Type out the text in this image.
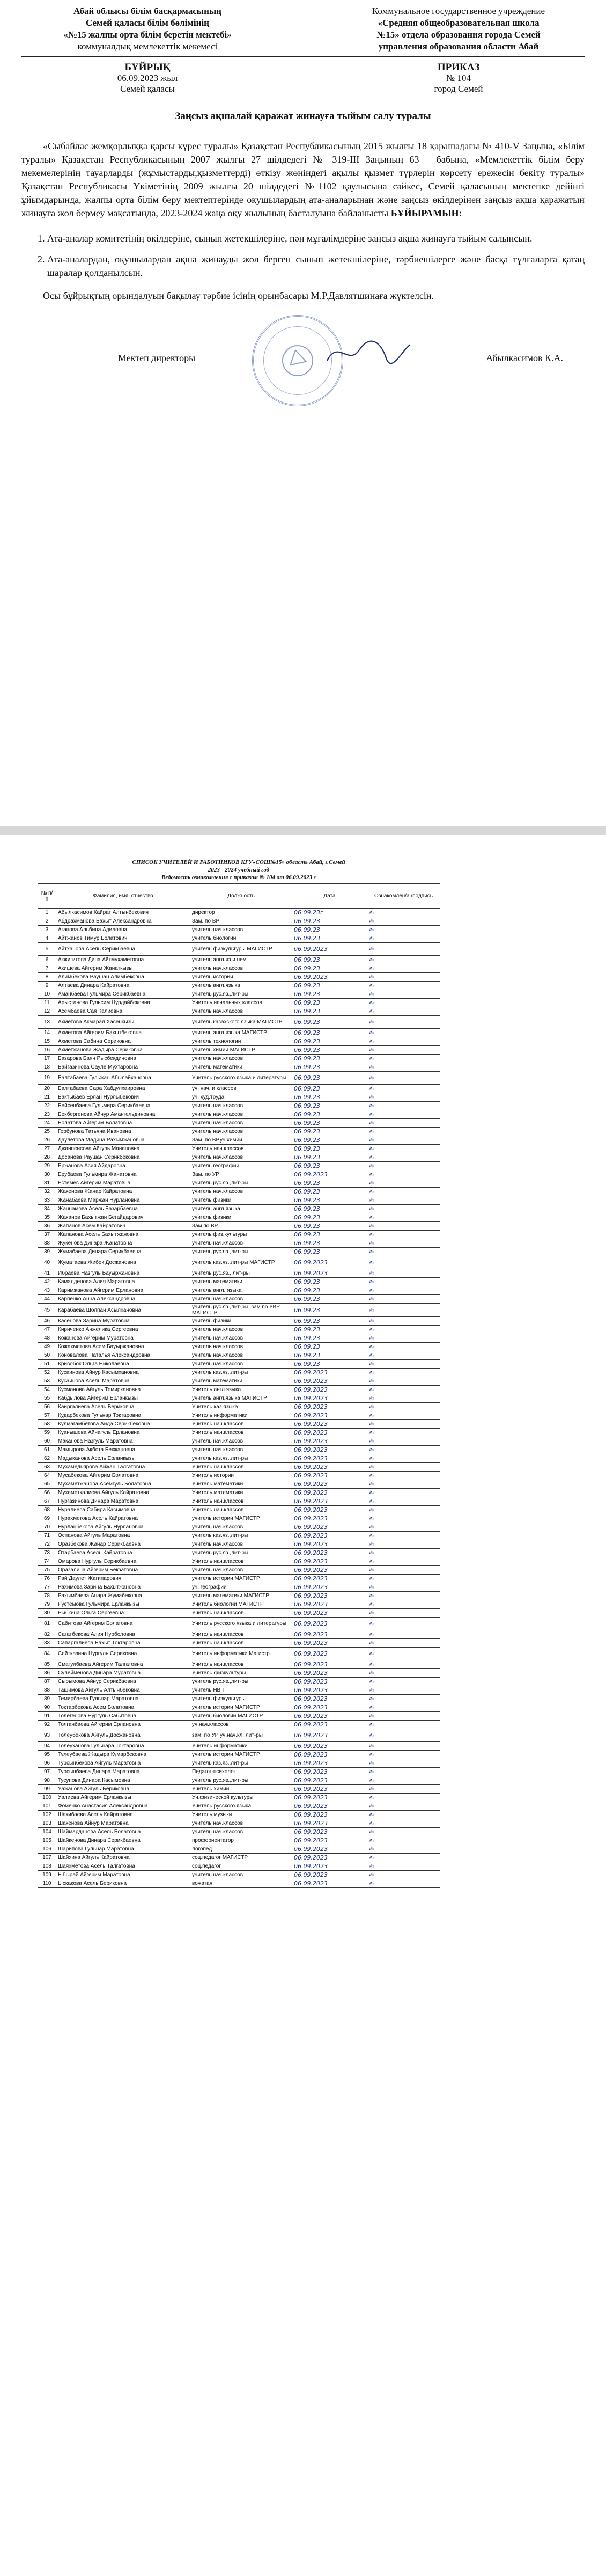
Абай облысы білім басқармасының
Семей қаласы білім бөлімінің
«№15 жалпы орта білім беретін мектебі»
коммуналдық мемлекеттік мекемесі
Коммунальное государственное учреждение
«Средняя общеобразовательная школа
№15» отдела образования города Семей
управления образования области Абай
БҰЙРЫҚ
06.09.2023 жыл
Семей қаласы
ПРИКАЗ
№ 104
город Семей
Заңсыз ақшалай қаражат жинауға тыйым салу туралы

«Сыбайлас жемқорлыққа қарсы күрес туралы» Қазақстан Республикасының 2015 жылғы 18 қарашадағы № 410-V Заңына, «Білім туралы» Қазақстан Республикасының 2007 жылғы 27 шілдедегі № 319-ІІІ Заңының 63 – бабына, «Мемлекеттік білім беру мекемелерінің тауарларды (жұмыстарды,қызметтерді) өткізу жөніндегі ақылы қызмет түрлерін көрсету ережесін бекіту туралы» Қазақстан Республикасы Үкіметінің 2009 жылғы 20 шілдедегі №1102 қаулысына сәйкес, Семей қаласының мектепке дейінгі ұйымдарында, жалпы орта білім беру мектептерінде оқушылардың ата-аналарынан және заңсыз өкілдерінен заңсыз ақша қаражатын жинауға жол бермеу мақсатында, 2023-2024 жаңа оқу жылының басталуына байланысты БҰЙЫРАМЫН:

1. Ата-аналар комитетінің өкілдеріне, сынып жетекшілеріне, пән мұғалімдеріне заңсыз ақша жинауға тыйым салынсын.
2. Ата-аналардан, оқушылардан ақша жинауды жол берген сынып жетекшілеріне, тәрбиешілерге және басқа тұлғаларға қатаң шаралар қолданылсын.

Осы бұйрықтың орындалуын бақылау тәрбие ісінің орынбасары М.Р.Давлятшинаға жүктелсін.

Мектеп директоры	Абылкасимов К.А.
СПИСОК УЧИТЕЛЕЙ И РАБОТНИКОВ КГУ«СОШ№15» область Абай, г.Семей
2023 - 2024 учебный год
Ведомость ознакомления с приказом № 104 от 06.09.2023 г
№ п/п	Фамилия, имя, отчество	Должность	Дата	Ознакомлен/а /подпись
1	Абылкасимов Кайрат Алтынбекович	директор	06.09.23г	✍
2	Абдрахманова Бахыт Александровна	Зам. по ВР	06.09.23	✍
3	Агапова Альбина Адиловна	учитель нач.классов	06.09.23	✍
4	Айтжанов Тимур Болатович	учитель биологии	06.09.23	✍
5	Айтханова Асель Серикбаевна	учитель физкультуры МАГИСТР	06.09.2023	✍
6	Акжигитова Дина Айтмухаметовна	учитель англ.яз и нем	06.09.23	✍
7	Акишева Айгерим Жанаткызы	учитель нач.классов	06.09.23	✍
8	Алимбекова Раушан Алимбековна	учитель истории	06.09.2023	✍
9	Алтаева Динара Кайратовна	учитель англ.языка	06.09.23	✍
10	Аманбаева Гульмира Серикбаевна	учитель рус.яз.,лит-ры	06.09.23	✍
11	Арыстанова Гульсим Нурдайбековна	Учитель начальных классов	06.09.23	✍
12	Асембаева Сая Калиевна	учитель нач.классов	06.09.23	✍
13	Ахметова Акмарал Хасенкызы	учитель казахского языка МАГИСТР	06.09.23	✍
14	Ахметова Айгерим Бахытбековна	учитель англ.языка МАГИСТР	06.09.23	✍
15	Ахметова Сабина Сериковна	учитель технологии	06.09.23	✍
16	Ахметжанова Жадыра Сериковна	учитель химии МАГИСТР	06.09.23	✍
17	Базарова Баян Рысбекдиновна	учитель нач.классов	06.09.23	✍
18	Байгазинова Сауле Мухтаровна	учитель математики	06.09.23	✍
19	Балтабаева Гульжан Абылайхановна	Учитель русского языка и литературы	06.09.23	✍
20	Балтабаева Сара Хабдулхаировна	уч. нач. и классов	06.09.23	✍
21	Бактыбаев Ерлан Нурлыбекович	уч. худ.труда	06.09.23	✍
22	Бейсенбаева Гульмира Серикбаевна	учитель нач.классов	06.09.23	✍
23	Бекбергенова Айнур Амангельдиновна	учитель нач.классов	06.09.23	✍
24	Болатова Айгерим Болатовна	учитель нач.классов	06.09.23	✍
25	Горбунова Татьяна Ивановна	учитель нач.классов	06.09.23	✍
26	Даулетова Мадина Рахымжановна	Зам. по ВР,уч.химии	06.09.23	✍
27	Джанпеисова Айгуль Манаповна	Учитель нач.классов	06.09.23	✍
28	Досанова Раушан Серикбековна	учитель нач.классов	06.09.23	✍
29	Ержанова Асия Айдаровна	учитель географии	06.09.23	✍
30	Ерубаева Гульмира Жанатовна	Зам. по УР	06.09.2023	✍
31	Естемес Айгерим Маратовна	учитель рус.яз.,лит-ры	06.09.23	✍
32	Жакенова Жанар Кайратовна	учитель нач.классов	06.09.23	✍
33	Жанабаева Маржан Нурлановна	учитель физики	06.09.23	✍
34	Жаннамова Асель Базарбаевна	учитель англ.языка	06.09.23	✍
35	Жаканов Бахытжан Бегайдарович	учитель физики	06.09.23	✍
36	Жапанов Асем Кайратович	Зам по ВР	06.09.23	✍
37	Жапанова Асель Бахытжановна	учитель физ.культуры	06.09.23	✍
38	Жукенова Динара Жанатовна	учитель нач.классов	06.09.23	✍
39	Жумабаева Динара Серикбаевна	учитель рус.яз.,лит-ры	06.09.23	✍
40	Жуматаева Жибек Досжановна	учитель каз.яз.,лит-ры МАГИСТР	06.09.2023	✍
41	Ибраева Назгуль Бауыржановна	учитель рус.яз., лит-ры	06.09.2023	✍
42	Камалденова Алия Маратовна	учитель математики	06.09.23	✍
43	Каримжанова Айгерим Ерлановна	учитель англ. языка	06.09.23	✍
44	Карпенко Анна Александровна	учитель нач.классов	06.09.23	✍
45	Карабаева Шолпан Асылхановна	учитель рус.яз.,лит-ры, зам по УВР МАГИСТР	06.09.23	✍
46	Касенова Зарина Муратовна	учитель физики	06.09.23	✍
47	Кириченко Анжелика Сергеевна	учитель нач.классов	06.09.23	✍
48	Кожанова Айгерим Муратовна	учитель нач.классов	06.09.23	✍
49	Кожахметова Асем Бауыржановна	учитель нач.классов	06.09.23	✍
50	Коновалова Наталья Александровна	учитель нач.классов	06.09.23	✍
51	Кривобок Ольга Николаевна	учитель нач.классов	06.09.23	✍
52	Кусаинова Айнур Касымхановна	учитель каз.яз.,лит-ры	06.09.2023	✍
53	Кусаинова Асель Маратовна	учитель математики	06.09.2023	✍
54	Кусманова Айгуль Темирхановна	Учитель англ.языка	06.09.2023	✍
55	Кабдылова Айгерим Ерланкызы	учитель англ.языка МАГИСТР	06.09.2023	✍
56	Каиргалиева Асель Бериковна	Учитель каз.языка	06.09.2023	✍
57	Кударбекова Гульнар Токтаровна	Учитель информатики	06.09.2023	✍
58	Кулмагамбетова Аида Серикбековна	Учитель нач.классов	06.09.2023	✍
59	Куанышева Айнагуль Ерлановна	Учитель нач.классов	06.09.2023	✍
60	Маканова Назгуль Маратовна	учитель нач.классов	06.09.2023	✍
61	Мамырова Акбота Бекжановна	учитель нач.классов	06.09.2023	✍
62	Мадыканова Асель Ерланкызы	учитель каз.яз.,лит-ры	06.09.2023	✍
63	Мухамедьярова Айжан Талгатовна	Учитель нач.классов	06.09.2023	✍
64	Мусабекова Айгерим Болатовна	Учитель истории	06.09.2023	✍
65	Мухаметжанова Асемгуль Болатовна	Учитель математики	06.09.2023	✍
66	Мухаметкалиева Айгуль Кайратовна	Учитель математики	06.09.2023	✍
67	Нургазинова Динара Маратовна	Учитель нач.классов	06.09.2023	✍
68	Нуралиева Сабира Касымовна	Учитель нач.классов	06.09.2023	✍
69	Нурахметова Асель Кайратовна	учитель истории МАГИСТР	06.09.2023	✍
70	Нурланбекова Айгуль Нурлановна	учитель нач.классов	06.09.2023	✍
71	Оспанова Айгуль Маратовна	учитель каз.яз.,лит-ры	06.09.2023	✍
72	Оразбекова Жанар Серикбаевна	учитель нач.классов	06.09.2023	✍
73	Отарбаева Асель Кайратовна	учитель рус.яз.,лит-ры	06.09.2023	✍
74	Омарова Нургуль Серикбаевна	Учитель нач.классов	06.09.2023	✍
75	Оразалина Айгерим Бекзатовна	учитель нач.классов	06.09.2023	✍
76	Рай Даулет Жагипарович	учитель истории МАГИСТР	06.09.2023	✍
77	Рахимова Зарина Бахытжановна	уч. географии	06.09.2023	✍
78	Рахымбаева Анара Жумабековна	учитель математики МАГИСТР	06.09.2023	✍
79	Рустемова Гульмира Ерланкызы	Учитель биологии МАГИСТР	06.09.2023	✍
80	Рыбкина Ольга Сергеевна	Учитель нач.классов	06.09.2023	✍
81	Сабитова Айгерим Болатовна	Учитель русского языка и литературы	06.09.2023	✍
82	Сагатбекова Алия Нурболовна	Учитель нач.классов	06.09.2023	✍
83	Сапаргалиева Бахыт Токтаровна	Учитель нач.классов	06.09.2023	✍
84	Сейтказина Нургуль Сериковна	Учитель информатики Магистр	06.09.2023	✍
85	Смагулбаева Айгерим Талгатовна	Учитель нач.классов	06.09.2023	✍
86	Сулейменова Динара Муратовна	Учитель физкультуры	06.09.2023	✍
87	Сырымова Айнур Серикбаевна	учитель рус.яз.,лит-ры	06.09.2023	✍
88	Ташимова Айгуль Алтынбековна	учитель НВП	06.09.2023	✍
89	Темирбаева Гульнар Маратовна	учитель физкультуры	06.09.2023	✍
90	Токтарбекова Асем Болатовна	учитель истории МАГИСТР	06.09.2023	✍
91	Толегенова Нургуль Сабитовна	учитель биологии МАГИСТР	06.09.2023	✍
92	Толганбаева Айгерим Ерлановна	уч.нач.классов	06.09.2023	✍
93	Толеубекова Айгуль Досжановна	зам. по УР уч.нач.кл.,лит-ры	06.09.2023	✍
94	Толеуханова Гульнара Токтаровна	Учитель информатики	06.09.2023	✍
95	Тулеубаева Жадыра Кумарбековна	учитель истории МАГИСТР	06.09.2023	✍
96	Турсынбекова Айгуль Маратовна	учитель каз.яз.,лит-ры	06.09.2023	✍
97	Турсынбаева Динара Маратовна	Педагог-психолог	06.09.2023	✍
98	Тусупова Динара Касымовна	учитель рус.яз.,лит-ры	06.09.2023	✍
99	Уажанова Айгуль Бериковна	Учитель химии	06.09.2023	✍
100	Уалиева Айгерим Ерланкызы	Уч.физической культуры	06.09.2023	✍
101	Фоменко Анастасия Александровна	Учитель русского языка	06.09.2023	✍
102	Шакибаева Асель Кайратовна	Учитель музыки	06.09.2023	✍
103	Шакенова Айнур Маратовна	учитель нач.классов	06.09.2023	✍
104	Шаймарданова Асель Болатовна	учитель нач.классов	06.09.2023	✍
105	Шайкенова Динара Серикбаевна	профориентатор	06.09.2023	✍
106	Шарипова Гульнар Маратовна	логопед	06.09.2023	✍
107	Шайхина Айгуль Кайратовна	соц.педагог МАГИСТР	06.09.2023	✍
108	Шаяхметова Асель Талгатовна	соц.педагог	06.09.2023	✍
109	Ыбырай Айгерим Маратовна	учитель нач.классов	06.09.2023	✍
110	Ыскакова Асель Бериковна	вожатая	06.09.2023	✍
